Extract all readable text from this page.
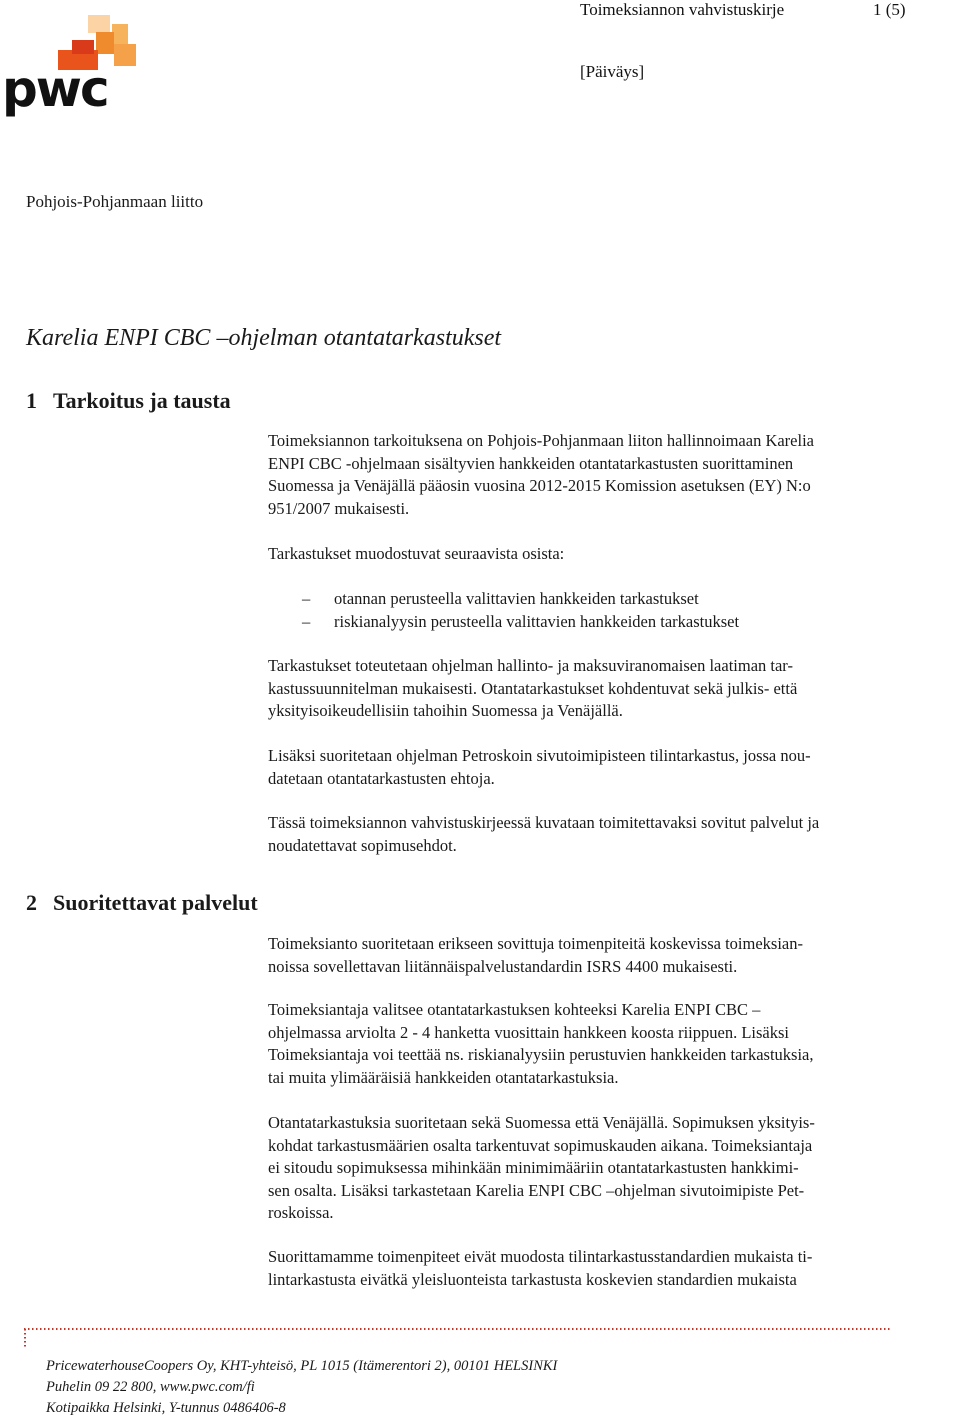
pwc
Toimeksiannon vahvistuskirje	1 (5)
[Päiväys]
Pohjois-Pohjanmaan liitto
Karelia ENPI CBC –ohjelman otantatarkastukset
1 Tarkoitus ja tausta

Toimeksiannon tarkoituksena on Pohjois-Pohjanmaan liiton hallinnoimaan Karelia

ENPI CBC -ohjelmaan sisältyvien hankkeiden otantatarkastusten suorittaminen

Suomessa ja Venäjällä pääosin vuosina 2012-2015 Komission asetuksen (EY) N:o

951/2007 mukaisesti.

Tarkastukset muodostuvat seuraavista osista:
– otannan perusteella valittavien hankkeiden tarkastukset
– riskianalyysin perusteella valittavien hankkeiden tarkastukset

Tarkastukset toteutetaan ohjelman hallinto- ja maksuviranomaisen laatiman tar-

kastussuunnitelman mukaisesti. Otantatarkastukset kohdentuvat sekä julkis- että

yksityisoikeudellisiin tahoihin Suomessa ja Venäjällä.

Lisäksi suoritetaan ohjelman Petroskoin sivutoimipisteen tilintarkastus, jossa nou-

datetaan otantatarkastusten ehtoja.

Tässä toimeksiannon vahvistuskirjeessä kuvataan toimitettavaksi sovitut palvelut ja

noudatettavat sopimusehdot.

2 Suoritettavat palvelut

Toimeksianto suoritetaan erikseen sovittuja toimenpiteitä koskevissa toimeksian-

noissa sovellettavan liitännäispalvelustandardin ISRS 4400 mukaisesti.

Toimeksiantaja valitsee otantatarkastuksen kohteeksi Karelia ENPI CBC –

ohjelmassa arviolta 2 - 4 hanketta vuosittain hankkeen koosta riippuen. Lisäksi

Toimeksiantaja voi teettää ns. riskianalyysiin perustuvien hankkeiden tarkastuksia,

tai muita ylimääräisiä hankkeiden otantatarkastuksia.

Otantatarkastuksia suoritetaan sekä Suomessa että Venäjällä. Sopimuksen yksityis-

kohdat tarkastusmäärien osalta tarkentuvat sopimuskauden aikana. Toimeksiantaja

ei sitoudu sopimuksessa mihinkään minimimääriin otantatarkastusten hankkimi-

sen osalta. Lisäksi tarkastetaan Karelia ENPI CBC –ohjelman sivutoimipiste Pet-

roskoissa.

Suorittamamme toimenpiteet eivät muodosta tilintarkastusstandardien mukaista ti-

lintarkastusta eivätkä yleisluonteista tarkastusta koskevien standardien mukaista

PricewaterhouseCoopers Oy, KHT-yhteisö, PL 1015 (Itämerentori 2), 00101 HELSINKI
Puhelin 09 22 800, www.pwc.com/fi
Kotipaikka Helsinki, Y-tunnus 0486406-8
